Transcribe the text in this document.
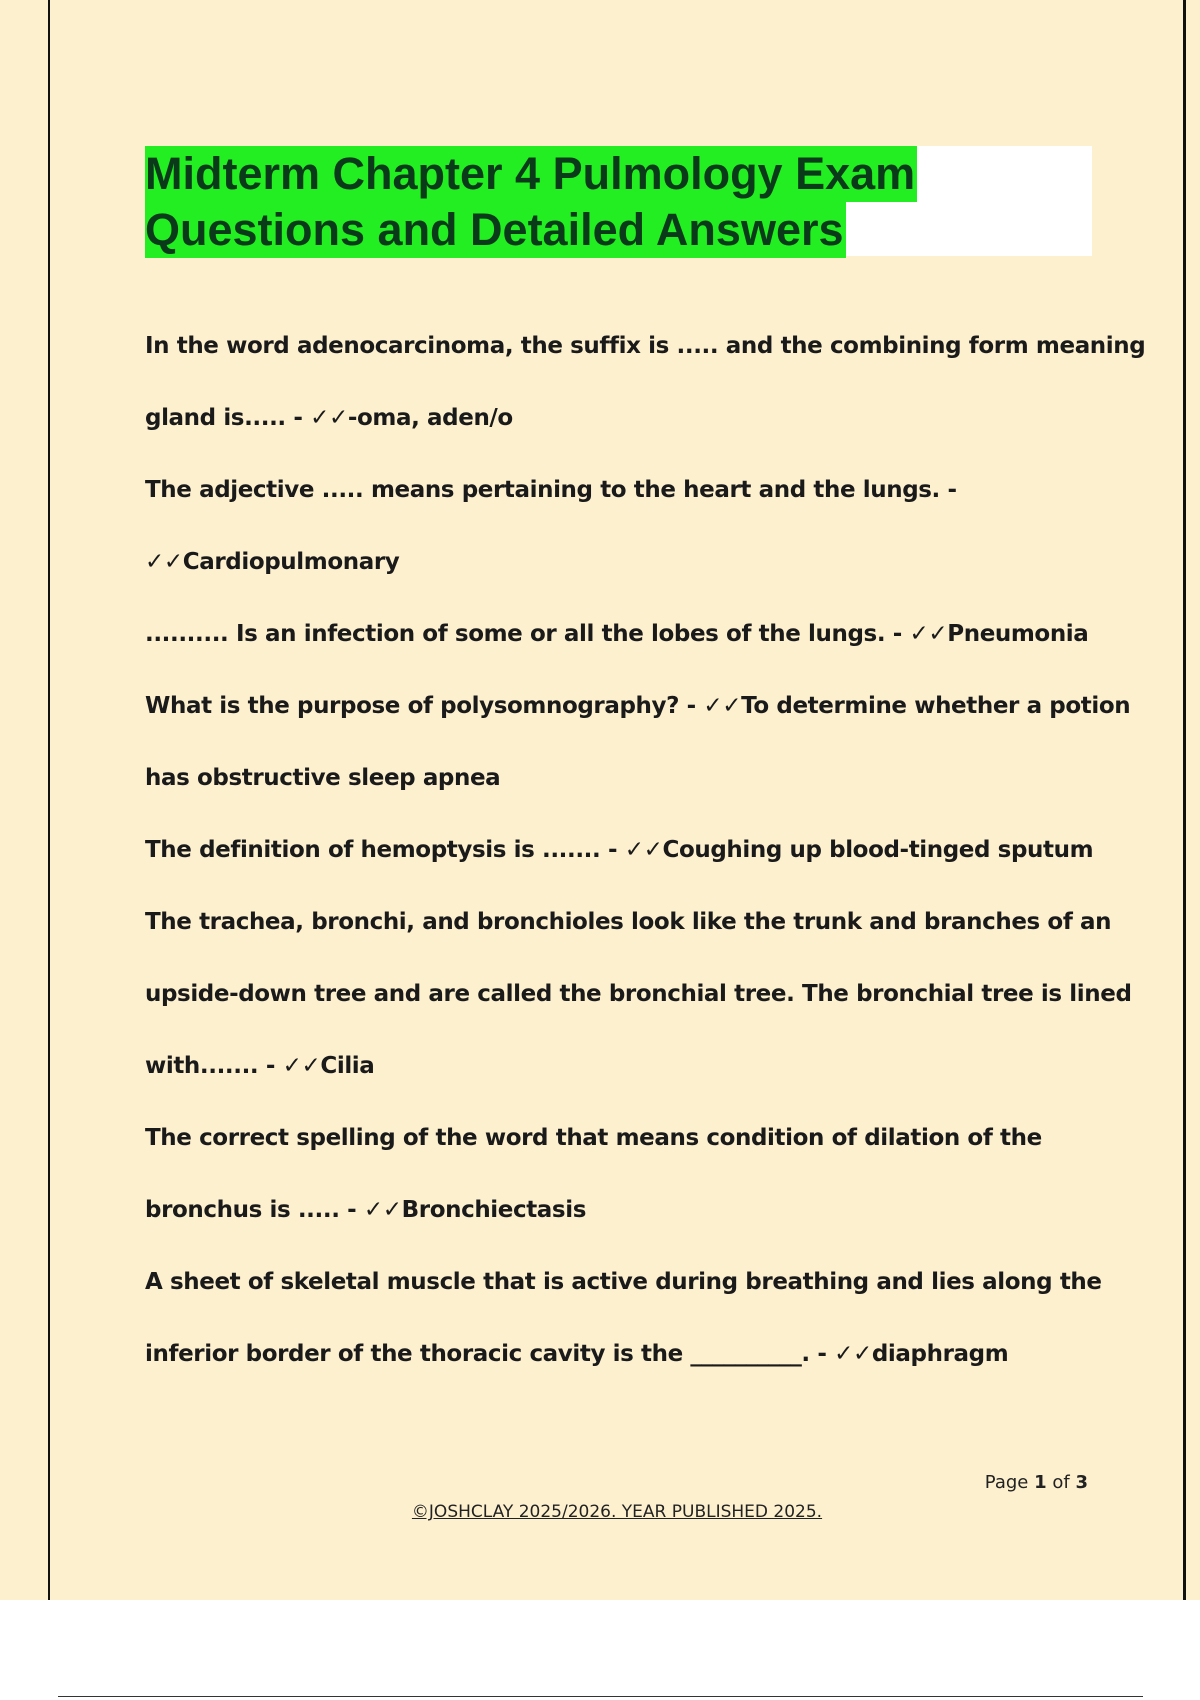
Midterm Chapter 4 Pulmology Exam
Questions and Detailed Answers
In the word adenocarcinoma, the suffix is ..... and the combining form meaning
gland is..... - ✓✓-oma, aden/o
The adjective ..... means pertaining to the heart and the lungs. -
✓✓Cardiopulmonary
.......... Is an infection of some or all the lobes of the lungs. - ✓✓Pneumonia
What is the purpose of polysomnography? - ✓✓To determine whether a potion
has obstructive sleep apnea
The definition of hemoptysis is ....... - ✓✓Coughing up blood-tinged sputum
The trachea, bronchi, and bronchioles look like the trunk and branches of an
upside-down tree and are called the bronchial tree. The bronchial tree is lined
with....... - ✓✓Cilia
The correct spelling of the word that means condition of dilation of the
bronchus is ..... - ✓✓Bronchiectasis
A sheet of skeletal muscle that is active during breathing and lies along the
inferior border of the thoracic cavity is the __________. - ✓✓diaphragm
Page 1 of 3
©JOSHCLAY 2025/2026. YEAR PUBLISHED 2025.
